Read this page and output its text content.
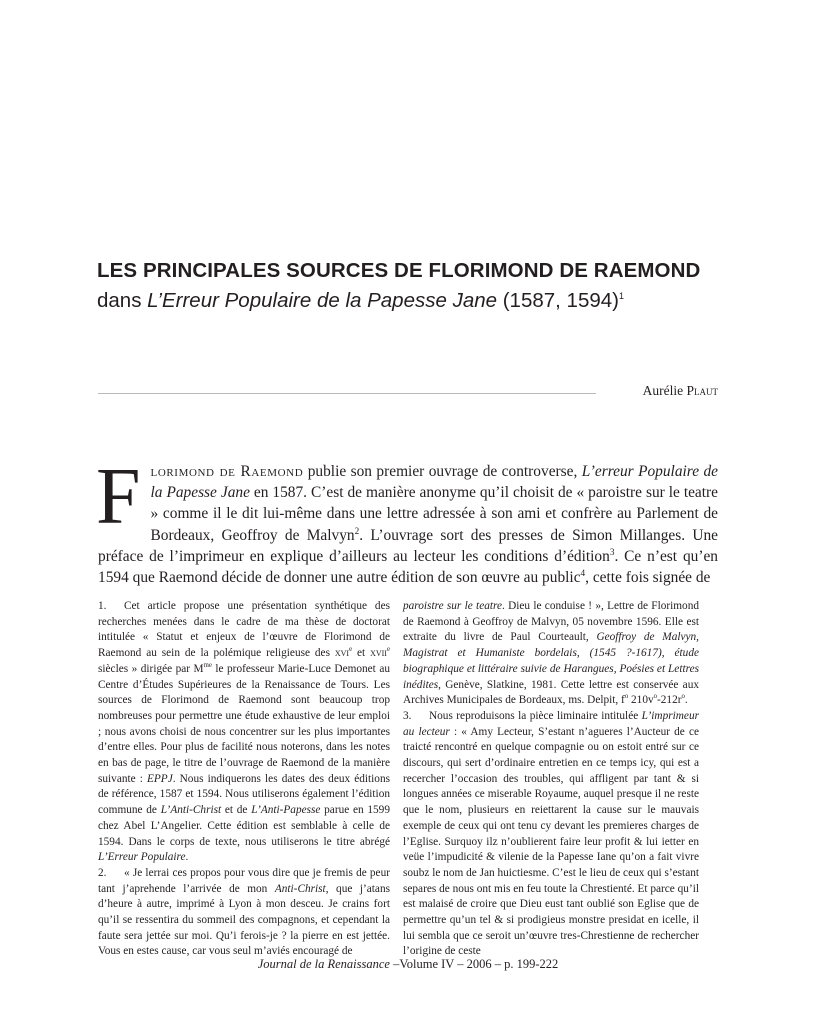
LES PRINCIPALES SOURCES DE FLORIMOND DE RAEMOND
dans L’Erreur Populaire de la Papesse Jane (1587, 1594)$^1$
Aurélie Plaut

Florimond de Raemond publie son premier ouvrage de controverse, L’erreur Populaire de la Papesse Jane en 1587. C’est de manière anonyme qu’il choisit de « paroistre sur le teatre » comme il le dit lui-même dans une lettre adressée à son ami et confrère au Parlement de Bordeaux, Geoffroy de Malvyn$^2$. L’ouvrage sort des presses de Simon Millanges. Une préface de l’imprimeur en explique d’ailleurs au lecteur les conditions d’édition$^3$. Ce n’est qu’en 1594 que Raemond décide de donner une autre édition de son œuvre au public$^4$, cette fois signée de

1. Cet article propose une présentation synthétique des recherches menées dans le cadre de ma thèse de doctorat intitulée « Statut et enjeux de l’œuvre de Florimond de Raemond au sein de la polémique religieuse des xvi$^e$ et xvii$^e$ siècles » dirigée par $M^{me}$ le professeur Marie-Luce Demonet au Centre d’Études Supérieures de la Renaissance de Tours. Les sources de Florimond de Raemond sont beaucoup trop nombreuses pour permettre une étude exhaustive de leur emploi ; nous avons choisi de nous concentrer sur les plus importantes d’entre elles. Pour plus de facilité nous noterons, dans les notes en bas de page, le titre de l’ouvrage de Raemond de la manière suivante : EPPJ. Nous indiquerons les dates des deux éditions de référence, 1587 et 1594. Nous utiliserons également l’édition commune de L’Anti-Christ et de L’Anti-Papesse parue en 1599 chez Abel L’Angelier. Cette édition est semblable à celle de 1594. Dans le corps de texte, nous utiliserons le titre abrégé L’Erreur Populaire.

2. « Je lerrai ces propos pour vous dire que je fremis de peur tant j’aprehende l’arrivée de mon Anti-Christ, que j’atans d’heure à autre, imprimé à Lyon à mon desceu. Je crains fort qu’il se ressentira du sommeil des compagnons, et cependant la faute sera jettée sur moi. Qu’i ferois-je ? la pierre en est jettée. Vous en estes cause, car vous seul m’aviés encouragé de

paroistre sur le teatre. Dieu le conduise ! », Lettre de Florimond de Raemond à Geoffroy de Malvyn, 05 novembre 1596. Elle est extraite du livre de Paul Courteault, Geoffroy de Malvyn, Magistrat et Humaniste bordelais, (1545 ?-1617), étude biographique et littéraire suivie de Harangues, Poésies et Lettres inédites, Genève, Slatkine, 1981. Cette lettre est conservée aux Archives Municipales de Bordeaux, ms. Delpit, $f^o$ $210v^o-212r^o$.

3. Nous reproduisons la pièce liminaire intitulée L’imprimeur au lecteur : « Amy Lecteur, S’estant n’agueres l’Aucteur de ce traicté rencontré en quelque compagnie ou on estoit entré sur ce discours, qui sert d’ordinaire entretien en ce temps icy, qui est a recercher l’occasion des troubles, qui affligent par tant & si longues années ce miserable Royaume, auquel presque il ne reste que le nom, plusieurs en reiettarent la cause sur le mauvais exemple de ceux qui ont tenu cy devant les premieres charges de l’Eglise. Surquoy ilz n’oublierent faire leur profit & lui ietter en veüe l’impudicité & vilenie de la Papesse Iane qu’on a fait vivre soubz le nom de Jan huictiesme. C’est le lieu de ceux qui s’estant separes de nous ont mis en feu toute la Chrestienté. Et parce qu’il est malaisé de croire que Dieu eust tant oublié son Eglise que de permettre qu’un tel & si prodigieus monstre presidat en icelle, il lui sembla que ce seroit un’œuvre tres-Chrestienne de rechercher l’origine de ceste

Journal de la Renaissance –Volume IV – 2006 – p. 199-222
